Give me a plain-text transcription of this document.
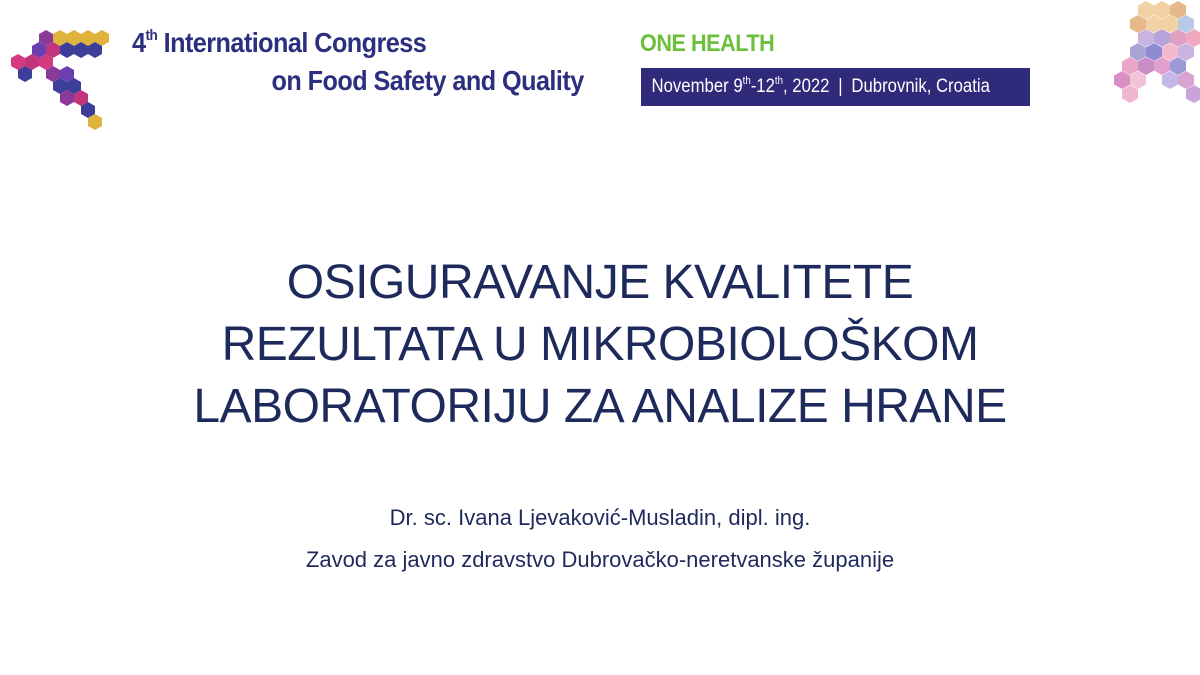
4th International Congress
on Food Safety and Quality
ONE HEALTH
November 9th-12th, 2022 | Dubrovnik, Croatia
OSIGURAVANJE KVALITETE
REZULTATA U MIKROBIOLOŠKOM
LABORATORIJU ZA ANALIZE HRANE
Dr. sc. Ivana Ljevaković-Musladin, dipl. ing.
Zavod za javno zdravstvo Dubrovačko-neretvanske županije
